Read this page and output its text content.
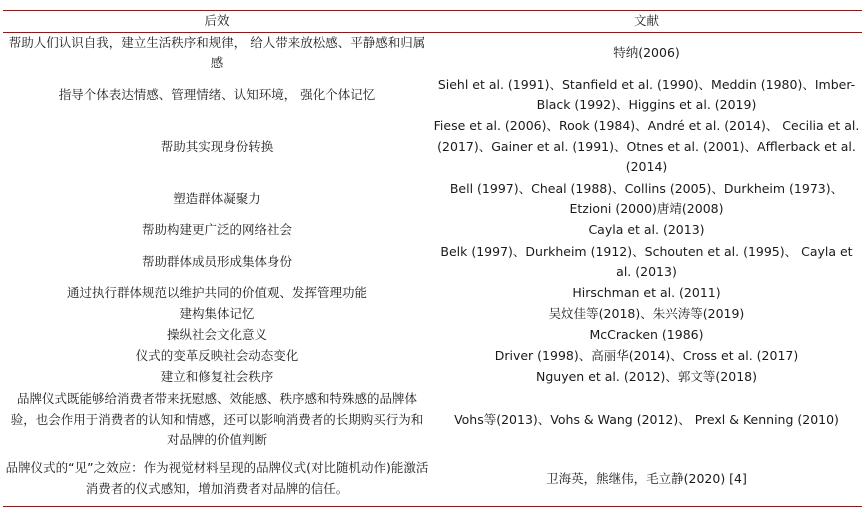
后效	文献
帮助人们认识自我，建立生活秩序和规律， 给人带来放松感、平静感和归属感	特纳(2006)
指导个体表达情感、管理情绪、认知环境， 强化个体记忆	Siehl et al. (1991)、Stanfield et al. (1990)、Meddin (1980)、Imber-Black (1992)、Higgins et al. (2019)
帮助其实现身份转换	Fiese et al. (2006)、Rook (1984)、André et al. (2014)、 Cecilia et al. (2017)、Gainer et al. (1991)、Otnes et al. (2001)、Afflerback et al. (2014)
塑造群体凝聚力	Bell (1997)、Cheal (1988)、Collins (2005)、Durkheim (1973)、Etzioni (2000)唐靖(2008)
帮助构建更广泛的网络社会	Cayla et al. (2013)
帮助群体成员形成集体身份	Belk (1997)、Durkheim (1912)、Schouten et al. (1995)、 Cayla et al. (2013)
通过执行群体规范以维护共同的价值观、发挥管理功能	Hirschman et al. (2011)
建构集体记忆	吴炆佳等(2018)、朱兴涛等(2019)
操纵社会文化意义	McCracken (1986)
仪式的变革反映社会动态变化	Driver (1998)、高丽华(2014)、Cross et al. (2017)
建立和修复社会秩序	Nguyen et al. (2012)、郭文等(2018)
品牌仪式既能够给消费者带来抚慰感、效能感、秩序感和特殊感的品牌体验，也会作用于消费者的认知和情感，还可以影响消费者的长期购买行为和对品牌的价值判断	Vohs等(2013)、Vohs & Wang (2012)、 Prexl & Kenning (2010)
品牌仪式的“见”之效应：作为视觉材料呈现的品牌仪式(对比随机动作)能激活消费者的仪式感知，增加消费者对品牌的信任。	卫海英，熊继伟，毛立静(2020) [4]
